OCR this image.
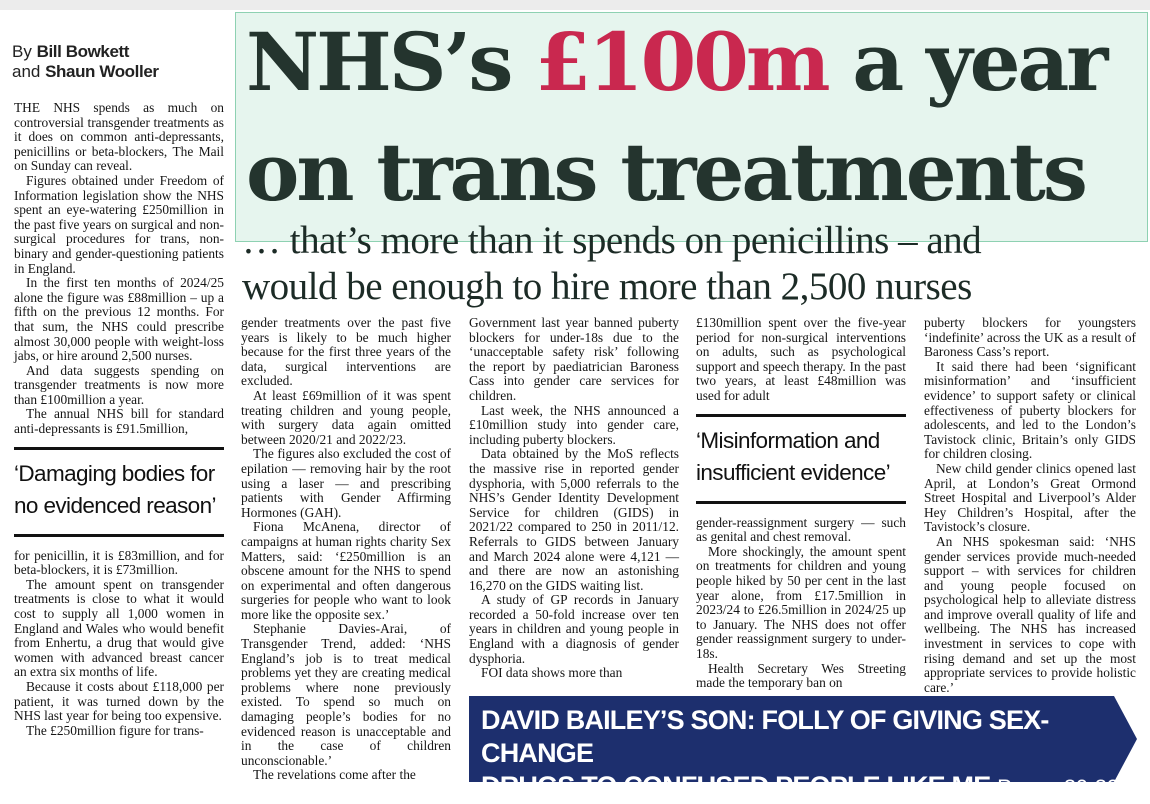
NHS’s £100m a year
on trans treatments
… that’s more than it spends on penicillins – and
would be enough to hire more than 2,500 nurses
By Bill Bowkett
and Shaun Wooller

THE NHS spends as much on controversial transgender treatments as it does on common anti-depressants, penicillins or beta-blockers, The Mail on Sunday can reveal.

Figures obtained under Freedom of Information legislation show the NHS spent an eye-watering £250million in the past five years on surgical and non-surgical procedures for trans, non-binary and gender-questioning patients in England.

In the first ten months of 2024/25 alone the figure was £88million – up a fifth on the previous 12 months. For that sum, the NHS could prescribe almost 30,000 people with weight-loss jabs, or hire around 2,500 nurses.

And data suggests spending on transgender treatments is now more than £100million a year.

The annual NHS bill for standard anti-depressants is £91.5million,

‘Damaging bodies for no evidenced reason’

for penicillin, it is £83million, and for beta-blockers, it is £73million.

The amount spent on transgender treatments is close to what it would cost to supply all 1,000 women in England and Wales who would benefit from Enhertu, a drug that would give women with advanced breast cancer an extra six months of life.

Because it costs about £118,000 per patient, it was turned down by the NHS last year for being too expensive.

The £250million figure for trans-

gender treatments over the past five years is likely to be much higher because for the first three years of the data, surgical interventions are excluded.

At least £69million of it was spent treating children and young people, with surgery data again omitted between 2020/21 and 2022/23.

The figures also excluded the cost of epilation — removing hair by the root using a laser — and prescribing patients with Gender Affirming Hormones (GAH).

Fiona McAnena, director of campaigns at human rights charity Sex Matters, said: ‘£250million is an obscene amount for the NHS to spend on experimental and often dangerous surgeries for people who want to look more like the opposite sex.’

Stephanie Davies-Arai, of Transgender Trend, added: ‘NHS England’s job is to treat medical problems yet they are creating medical problems where none previously existed. To spend so much on damaging people’s bodies for no evidenced reason is unacceptable and in the case of children unconscionable.’

The revelations come after the

Government last year banned puberty blockers for under-18s due to the ‘unacceptable safety risk’ following the report by paediatrician Baroness Cass into gender care services for children.

Last week, the NHS announced a £10million study into gender care, including puberty blockers.

Data obtained by the MoS reflects the massive rise in reported gender dysphoria, with 5,000 referrals to the NHS’s Gender Identity Development Service for children (GIDS) in 2021/22 compared to 250 in 2011/12. Referrals to GIDS between January and March 2024 alone were 4,121 — and there are now an astonishing 16,270 on the GIDS waiting list.

A study of GP records in January recorded a 50-fold increase over ten years in children and young people in England with a diagnosis of gender dysphoria.

FOI data shows more than

£130million spent over the five-year period for non-surgical interventions on adults, such as psychological support and speech therapy. In the past two years, at least £48million was used for adult

‘Misinformation and insufficient evidence’

gender-reassignment surgery — such as genital and chest removal.

More shockingly, the amount spent on treatments for children and young people hiked by 50 per cent in the last year alone, from £17.5million in 2023/24 to £26.5million in 2024/25 up to January. The NHS does not offer gender reassignment surgery to under-18s.

Health Secretary Wes Streeting made the temporary ban on

puberty blockers for youngsters ‘indefinite’ across the UK as a result of Baroness Cass’s report.

It said there had been ‘significant misinformation’ and ‘insufficient evidence’ to support safety or clinical effectiveness of puberty blockers for adolescents, and led to the London’s Tavistock clinic, Britain’s only GIDS for children closing.

New child gender clinics opened last April, at London’s Great Ormond Street Hospital and Liverpool’s Alder Hey Children’s Hospital, after the Tavistock’s closure.

An NHS spokesman said: ‘NHS gender services provide much-needed support – with services for children and young people focused on psychological help to alleviate distress and improve overall quality of life and wellbeing. The NHS has increased investment in services to cope with rising demand and set up the most appropriate services to provide holistic care.’

DAVID BAILEY’S SON: FOLLY OF GIVING SEX-CHANGE
DRUGS TO CONFUSED PEOPLE LIKE ME Pages 30-32
